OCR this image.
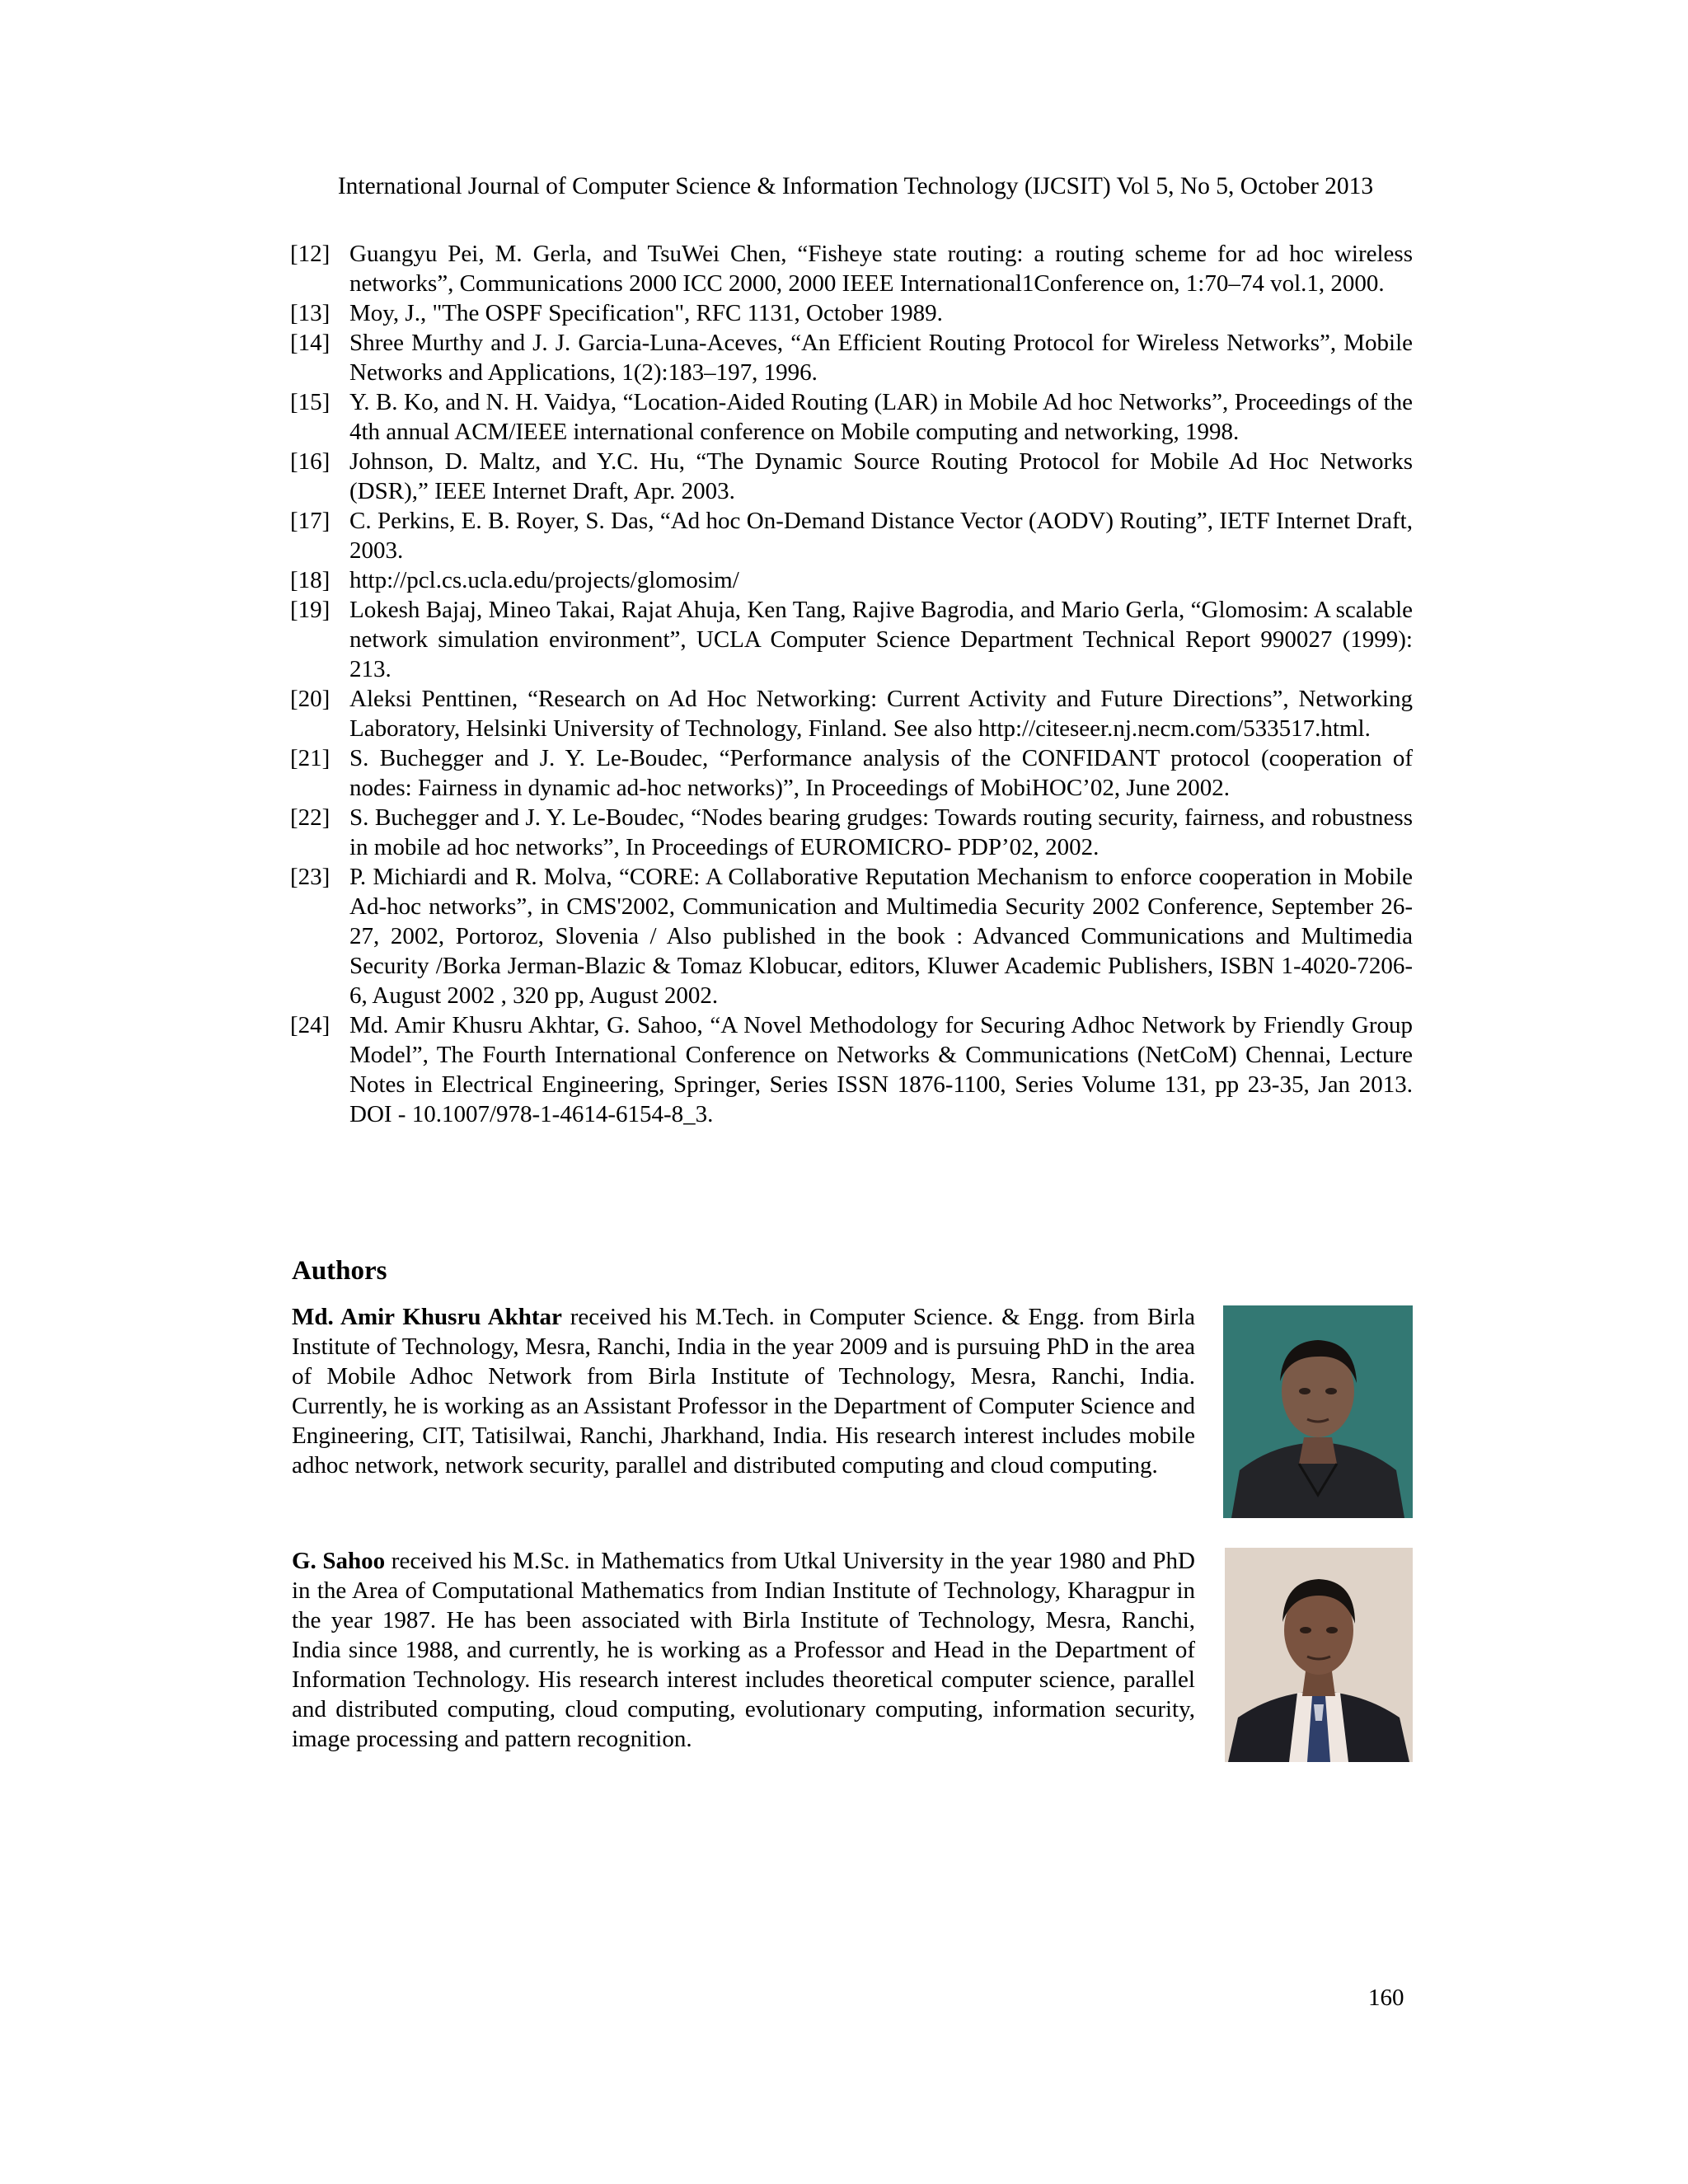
International Journal of Computer Science & Information Technology (IJCSIT) Vol 5, No 5, October 2013
[12] Guangyu Pei, M. Gerla, and TsuWei Chen, “Fisheye state routing: a routing scheme for ad hoc wireless networks”, Communications 2000 ICC 2000, 2000 IEEE International1Conference on, 1:70–74 vol.1, 2000.
[13] Moy, J., "The OSPF Specification", RFC 1131, October 1989.
[14] Shree Murthy and J. J. Garcia-Luna-Aceves, “An Efficient Routing Protocol for Wireless Networks”, Mobile Networks and Applications, 1(2):183–197, 1996.
[15] Y. B. Ko, and N. H. Vaidya, “Location-Aided Routing (LAR) in Mobile Ad hoc Networks”, Proceedings of the 4th annual ACM/IEEE international conference on Mobile computing and networking, 1998.
[16] Johnson, D. Maltz, and Y.C. Hu, “The Dynamic Source Routing Protocol for Mobile Ad Hoc Networks (DSR),” IEEE Internet Draft, Apr. 2003.
[17] C. Perkins, E. B. Royer, S. Das, “Ad hoc On-Demand Distance Vector (AODV) Routing”, IETF Internet Draft, 2003.
[18] http://pcl.cs.ucla.edu/projects/glomosim/
[19] Lokesh Bajaj, Mineo Takai, Rajat Ahuja, Ken Tang, Rajive Bagrodia, and Mario Gerla, “Glomosim: A scalable network simulation environment”, UCLA Computer Science Department Technical Report 990027 (1999): 213.
[20] Aleksi Penttinen, “Research on Ad Hoc Networking: Current Activity and Future Directions”, Networking Laboratory, Helsinki University of Technology, Finland. See also http://citeseer.nj.necm.com/533517.html.
[21] S. Buchegger and J. Y. Le-Boudec, “Performance analysis of the CONFIDANT protocol (cooperation of nodes: Fairness in dynamic ad-hoc networks)”, In Proceedings of MobiHOC’02, June 2002.
[22] S. Buchegger and J. Y. Le-Boudec, “Nodes bearing grudges: Towards routing security, fairness, and robustness in mobile ad hoc networks”, In Proceedings of EUROMICRO- PDP’02, 2002.
[23] P. Michiardi and R. Molva, “CORE: A Collaborative Reputation Mechanism to enforce cooperation in Mobile Ad-hoc networks”, in CMS'2002, Communication and Multimedia Security 2002 Conference, September 26-27, 2002, Portoroz, Slovenia / Also published in the book : Advanced Communications and Multimedia Security /Borka Jerman-Blazic & Tomaz Klobucar, editors, Kluwer Academic Publishers, ISBN 1-4020-7206-6, August 2002 , 320 pp, August 2002.
[24] Md. Amir Khusru Akhtar, G. Sahoo, “A Novel Methodology for Securing Adhoc Network by Friendly Group Model”, The Fourth International Conference on Networks & Communications (NetCoM) Chennai, Lecture Notes in Electrical Engineering, Springer, Series ISSN 1876-1100, Series Volume 131, pp 23-35, Jan 2013. DOI - 10.1007/978-1-4614-6154-8_3.
Authors
Md. Amir Khusru Akhtar received his M.Tech. in Computer Science. & Engg. from Birla Institute of Technology, Mesra, Ranchi, India in the year 2009 and is pursuing PhD in the area of Mobile Adhoc Network from Birla Institute of Technology, Mesra, Ranchi, India. Currently, he is working as an Assistant Professor in the Department of Computer Science and Engineering, CIT, Tatisilwai, Ranchi, Jharkhand, India. His research interest includes mobile adhoc network, network security, parallel and distributed computing and cloud computing.
G. Sahoo received his M.Sc. in Mathematics from Utkal University in the year 1980 and PhD in the Area of Computational Mathematics from Indian Institute of Technology, Kharagpur in the year 1987. He has been associated with Birla Institute of Technology, Mesra, Ranchi, India since 1988, and currently, he is working as a Professor and Head in the Department of Information Technology. His research interest includes theoretical computer science, parallel and distributed computing, cloud computing, evolutionary computing, information security, image processing and pattern recognition.
160
